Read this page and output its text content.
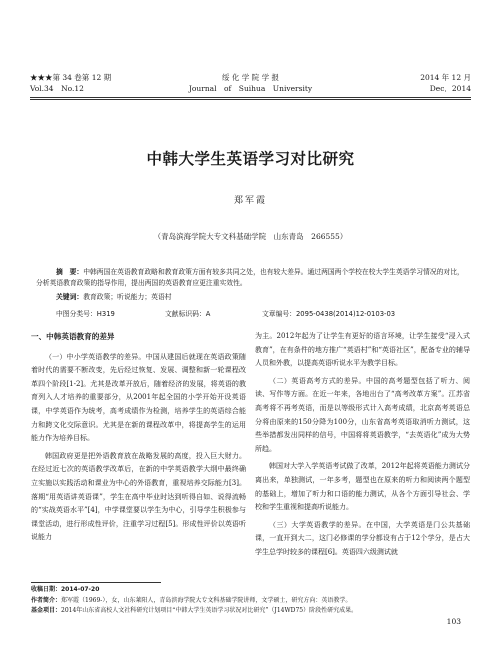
★★★第 34 卷第 12 期
Vol.34　No.12
绥 化 学 院 学 报
Journal　of　Suihua　University
2014 年 12 月
Dec．2014
中韩大学生英语学习对比研究
郑军霞
（青岛滨海学院大专文科基础学院　山东青岛　266555）
摘　要：中韩两国在英语教育政略和教育政策方面有较多共同之处，也有较大差异。通过两国两个学校在校大学生英语学习情况的对比，分析英语教育政策的指导作用，提出两国的英语教育应更注重实效性。
关键词：教育政策；听说能力；英语村
中图分类号：H319	文献标识码：A	文章编号：2095-0438(2014)12-0103-03
一、中韩英语教育的差异

（一）中小学英语教学的差异。中国从建国后就现在英语政策随着时代的需要不断改变，先后经过恢复、发展、调整和新一轮课程改革四个阶段[1-2]。尤其是改革开放后，随着经济的发展，将英语的教育列入人才培养的重要部分，从2001年起全国的小学开始开设英语课，中学英语作为统考，高考成绩作为检测，培养学生的英语综合能力和跨文化交际意识。尤其是在新的课程改革中，将提高学生的运用能力作为培养目标。

韩国政府更是把外语教育放在战略发展的高度，投入巨大财力。在经过近七次的英语教学改革后，在新的中学英语教学大纲中最终确立实施以实践活动和课业为中心的外语教育，重视培养交际能力[3]。落期“用英语讲英语课”，学生在高中毕业时达到听得自如、说得流畅的“实战英语水平”[4]，中学课堂要以学生为中心，引导学生积极参与课堂活动，进行形成性评价，注重学习过程[5]。形成性评价以英语听说能力

为主。2012年起为了让学生有更好的语言环境，让学生接受“浸入式教育”，在有条件的地方推广“英语村”和“英语社区”，配备专业的辅导人员和外教，以提高英语听说水平为教学目标。

（二）英语高考方式的差异。中国的高考题型包括了听力、阅读、写作等方面。在近一年来，各地出台了“高考改革方案”。江苏省高考将不再考英语，而是以等级形式计入高考成绩，北京高考英语总分将由原来的150分降为100分，山东省高考英语取消听力测试，这些举措都发出同样的信号，中国将将英语教学，“去英语化”成为大势所趋。

韩国对大学入学英语考试做了改革，2012年起将英语能力测试分离出来，单独测试，一年多考，题型也在原来的听力和阅读两个题型的基础上，增加了听力和口语的能力测试，从各个方面引导社会、学校和学生重视和提高听说能力。

（三）大学英语教学的差异。在中国，大学英语是门公共基础课，一直开到大二，这门必修课的学分都设有占于12个学分，是占大学生总学时较多的课程[6]。英语四六级测试就

收稿日期：2014-07-20
作者简介：郑军霞（1969-），女，山东莱阳人，青岛滨海学院大专文科基础学院讲师，文学硕士，研究方向：英语教学。
基金项目：2014年山东省高校人文社科研究计划项目“中韩大学生英语学习状况对比研究”（J14WD75）阶段性研究成果。
103
